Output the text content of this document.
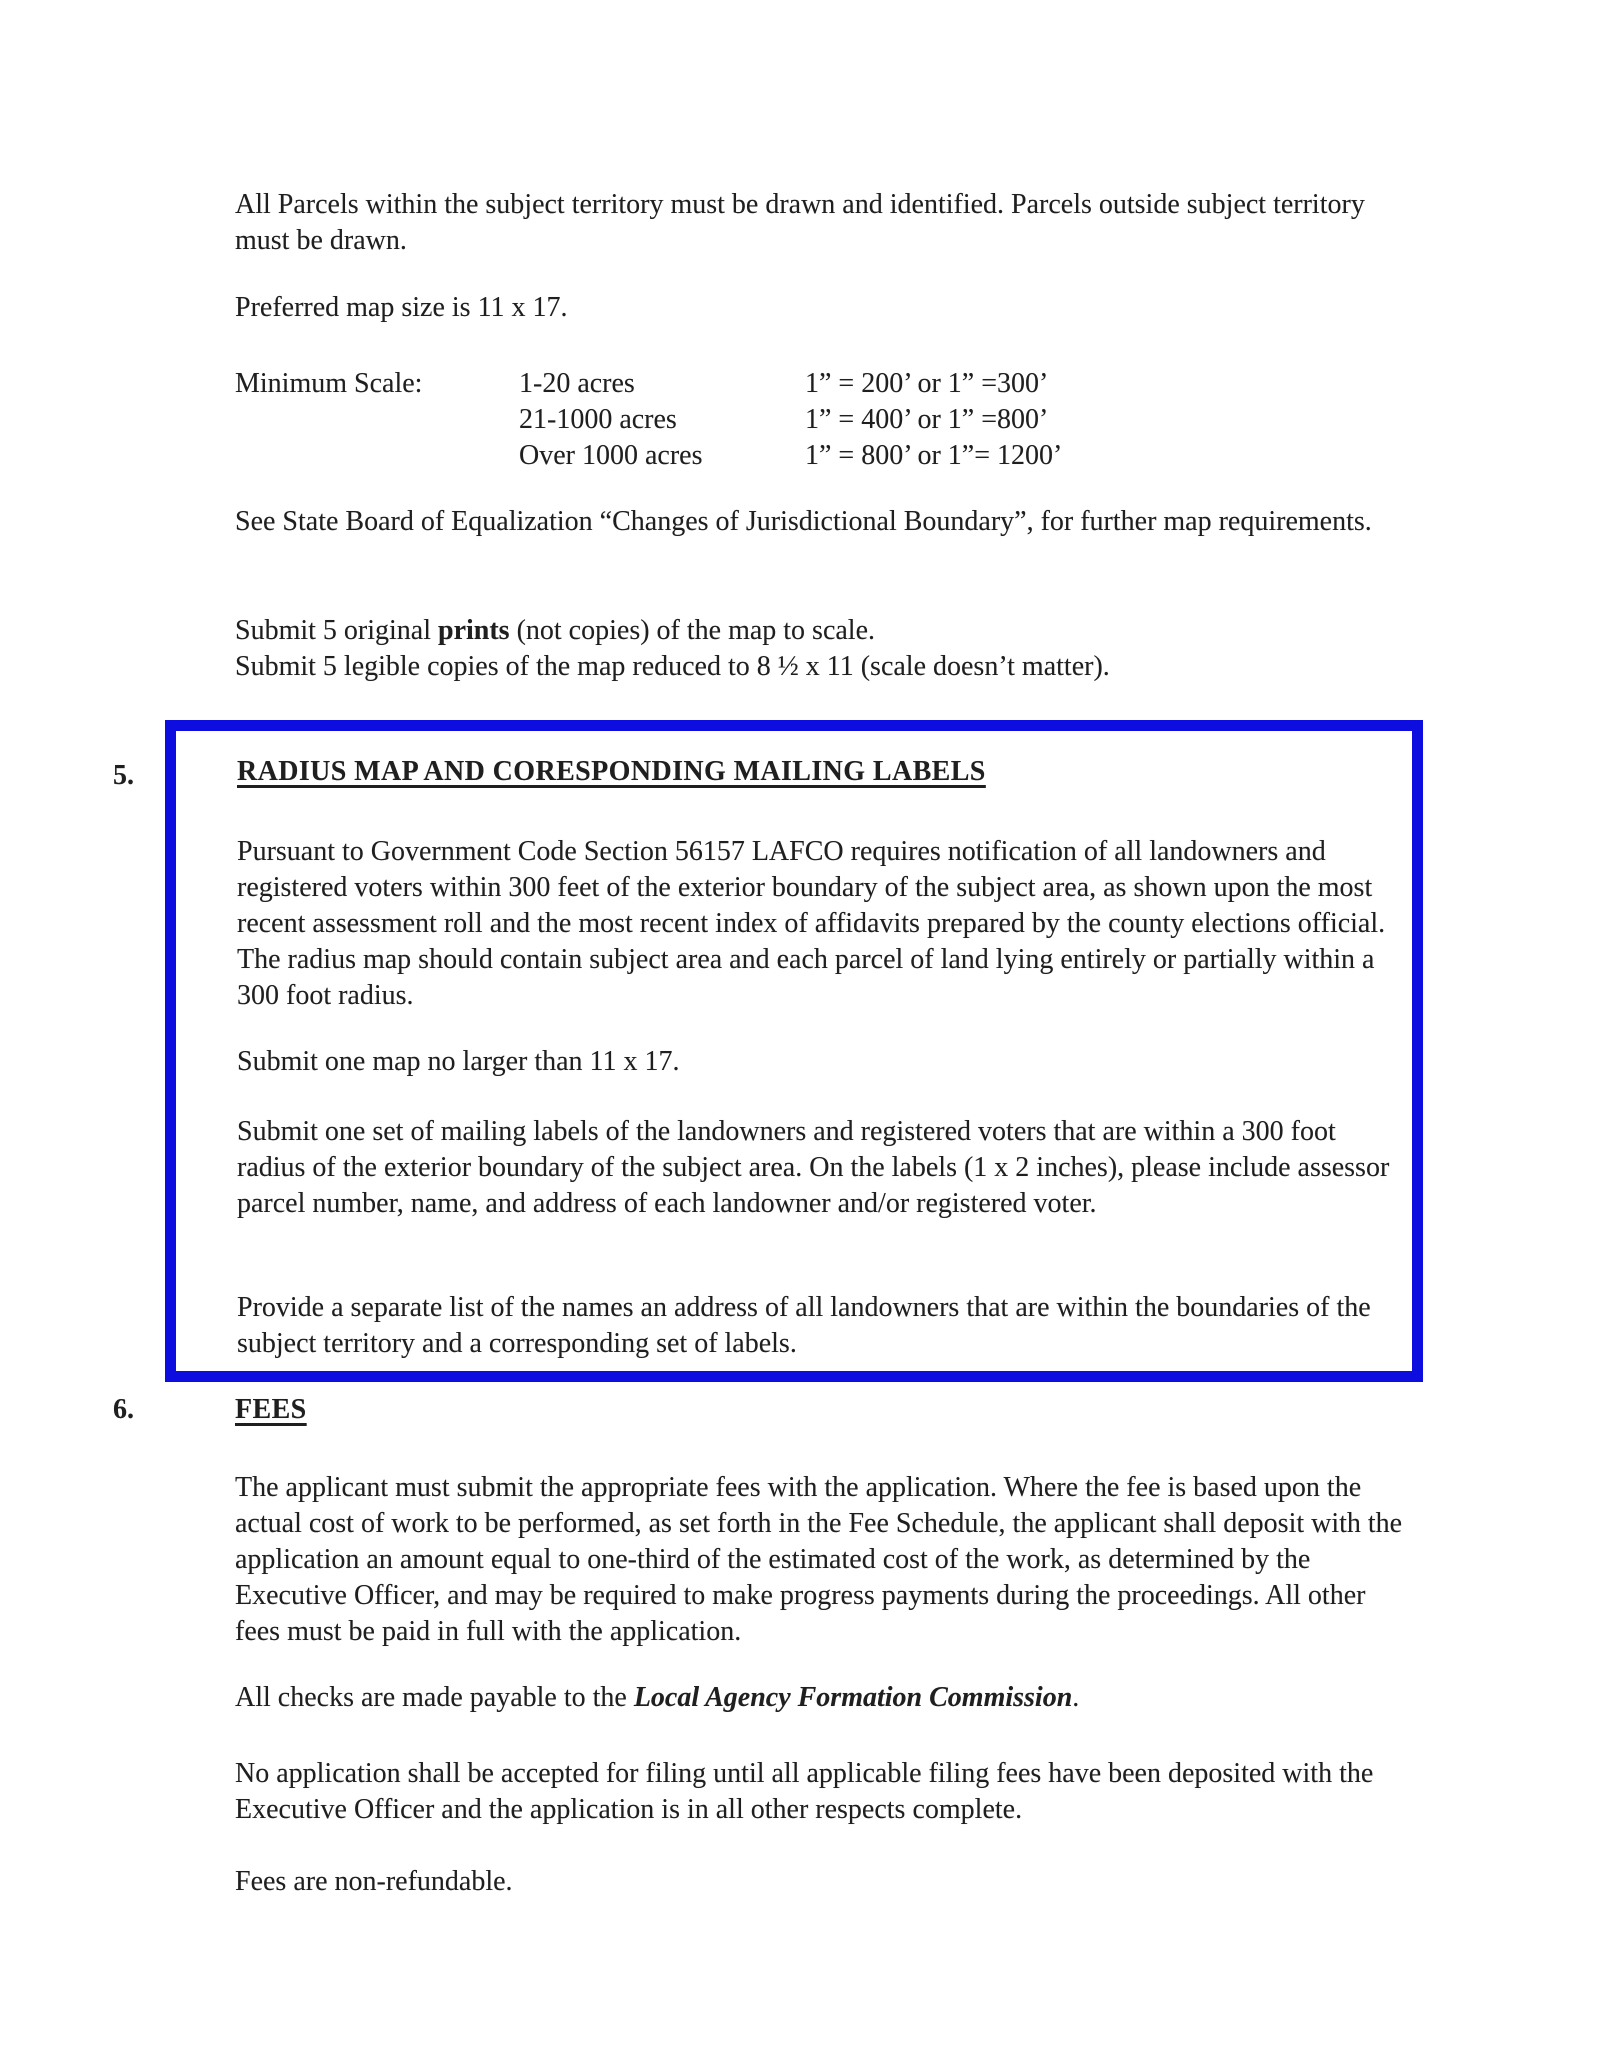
All Parcels within the subject territory must be drawn and identified. Parcels outside subject territory must be drawn.
Preferred map size is 11 x 17.
Minimum Scale:	1-20 acres	1” = 200’ or 1” =300’
21-1000 acres	1” = 400’ or 1” =800’
Over 1000 acres	1” = 800’ or 1”= 1200’
See State Board of Equalization “Changes of Jurisdictional Boundary”, for further map requirements.
Submit 5 original prints (not copies) of the map to scale.
Submit 5 legible copies of the map reduced to 8 ½ x 11 (scale doesn’t matter).
5.	RADIUS MAP AND CORESPONDING MAILING LABELS
Pursuant to Government Code Section 56157 LAFCO requires notification of all landowners and registered voters within 300 feet of the exterior boundary of the subject area, as shown upon the most recent assessment roll and the most recent index of affidavits prepared by the county elections official. The radius map should contain subject area and each parcel of land lying entirely or partially within a 300 foot radius.
Submit one map no larger than 11 x 17.
Submit one set of mailing labels of the landowners and registered voters that are within a 300 foot radius of the exterior boundary of the subject area. On the labels (1 x 2 inches), please include assessor parcel number, name, and address of each landowner and/or registered voter.
Provide a separate list of the names an address of all landowners that are within the boundaries of the subject territory and a corresponding set of labels.
6.	FEES
The applicant must submit the appropriate fees with the application. Where the fee is based upon the actual cost of work to be performed, as set forth in the Fee Schedule, the applicant shall deposit with the application an amount equal to one-third of the estimated cost of the work, as determined by the Executive Officer, and may be required to make progress payments during the proceedings. All other fees must be paid in full with the application.
All checks are made payable to the Local Agency Formation Commission.
No application shall be accepted for filing until all applicable filing fees have been deposited with the Executive Officer and the application is in all other respects complete.
Fees are non-refundable.
